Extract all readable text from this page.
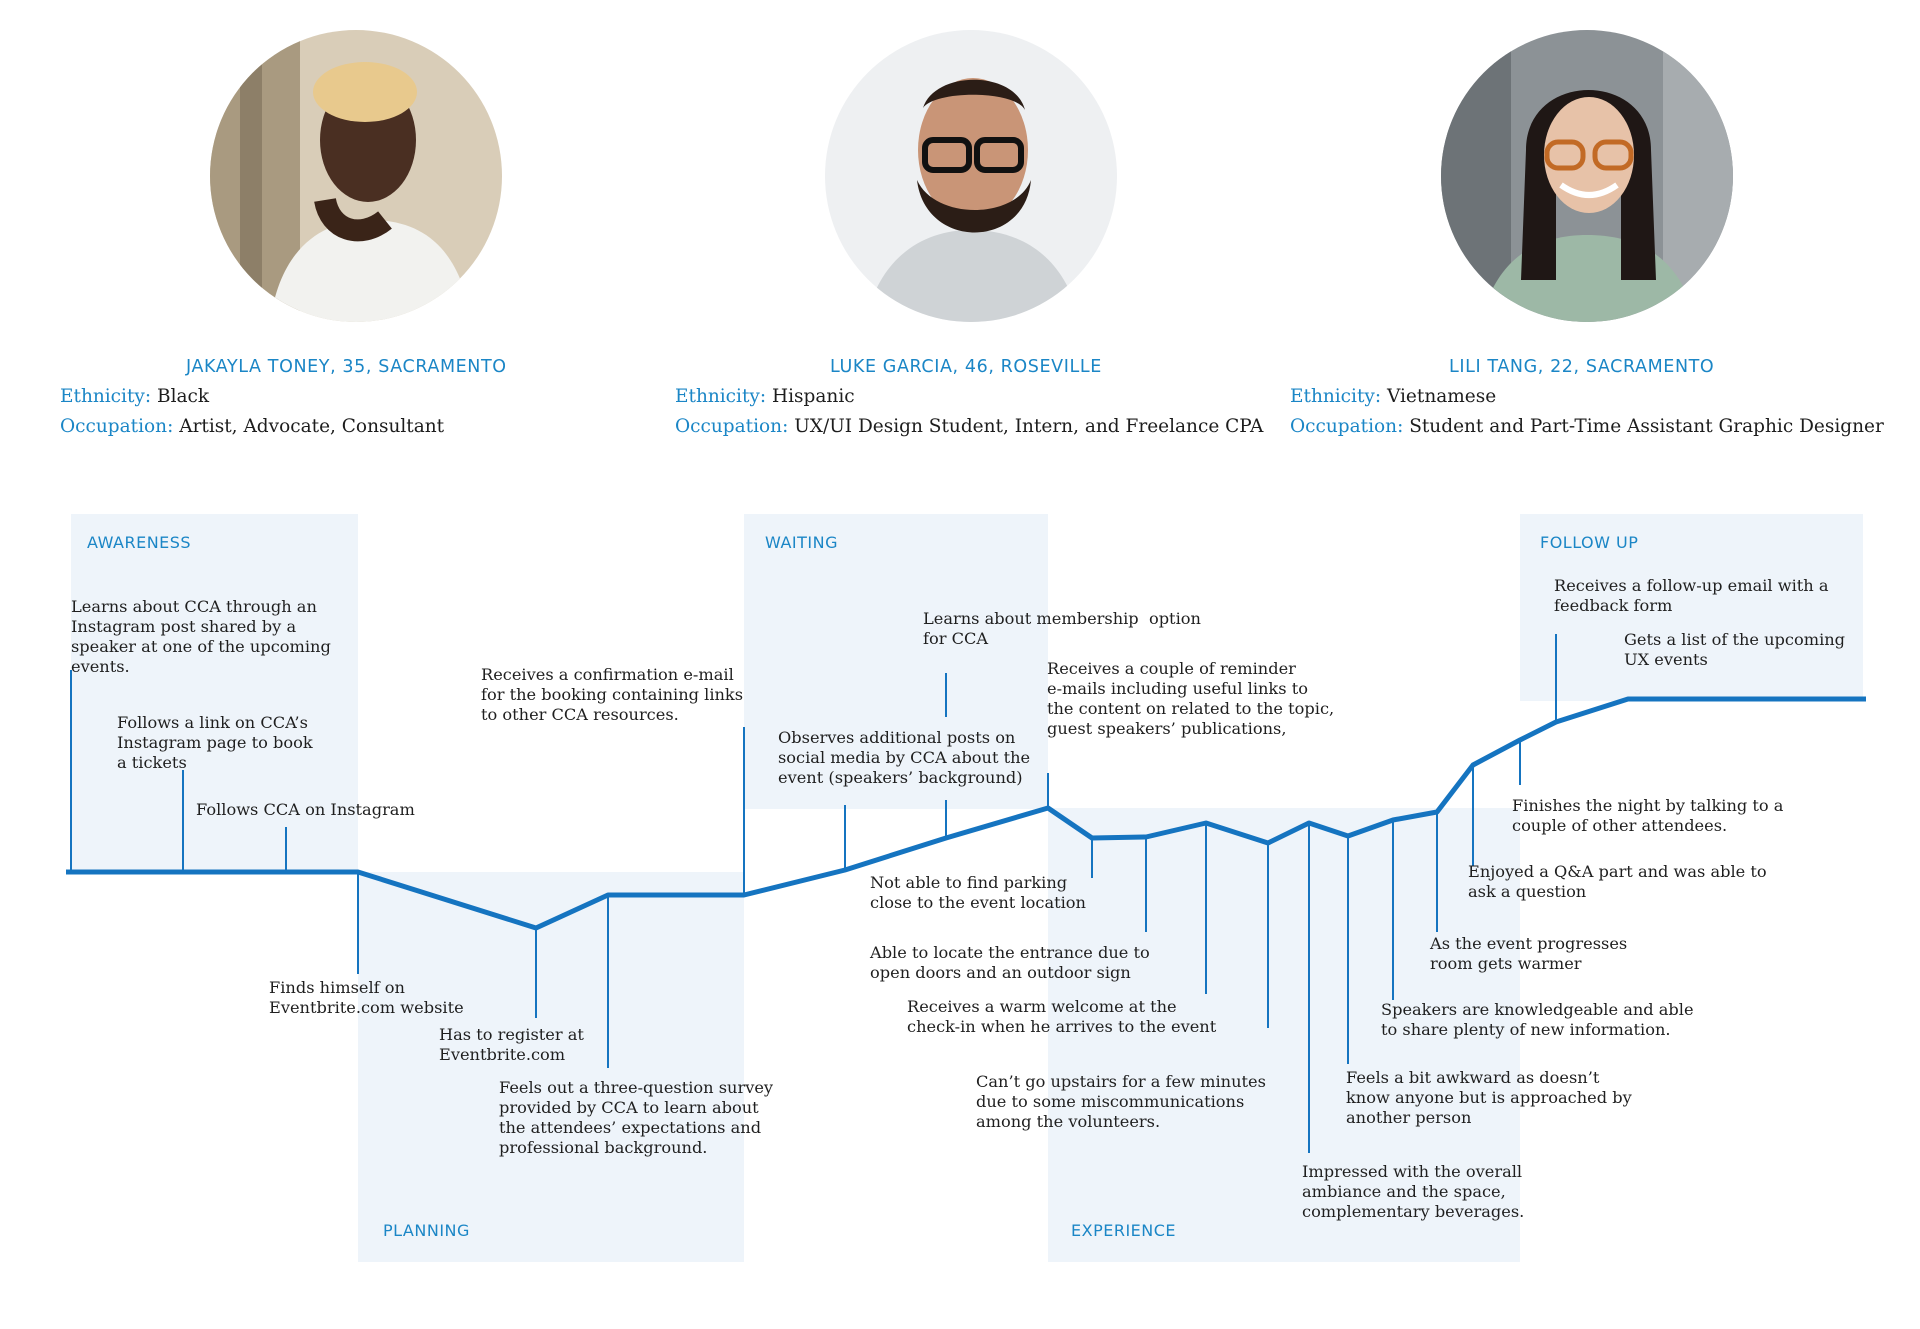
AWARENESS
PLANNING
WAITING
EXPERIENCE
FOLLOW UP
JAKAYLA TONEY, 35, SACRAMENTO
Ethnicity: Black
Occupation: Artist, Advocate, Consultant
LUKE GARCIA, 46, ROSEVILLE
Ethnicity: Hispanic
Occupation: UX/UI Design Student, Intern, and Freelance CPA
LILI TANG, 22, SACRAMENTO
Ethnicity: Vietnamese
Occupation: Student and Part-Time Assistant Graphic Designer
Learns about CCA through an
Instagram post shared by a
speaker at one of the upcoming
events.
Follows a link on CCA’s
Instagram page to book
a tickets
Follows CCA on Instagram
Finds himself on
Eventbrite.com website
Has to register at
Eventbrite.com
Feels out a three-question survey
provided by CCA to learn about
the attendees’ expectations and
professional background.
Receives a confirmation e-mail
for the booking containing links
to other CCA resources.
Observes additional posts on
social media by CCA about the
event (speakers’ background)
Learns about membership  option
for CCA
Receives a couple of reminder
e-mails including useful links to
the content on related to the topic,
guest speakers’ publications,
Not able to find parking
close to the event location
Able to locate the entrance due to
open doors and an outdoor sign
Receives a warm welcome at the
check-in when he arrives to the event
Can’t go upstairs for a few minutes
due to some miscommunications
among the volunteers.
Impressed with the overall
ambiance and the space,
complementary beverages.
Feels a bit awkward as doesn’t
know anyone but is approached by
another person
Speakers are knowledgeable and able
to share plenty of new information.
As the event progresses
room gets warmer
Enjoyed a Q&A part and was able to
ask a question
Finishes the night by talking to a
couple of other attendees.
Receives a follow-up email with a
feedback form
Gets a list of the upcoming
UX events
